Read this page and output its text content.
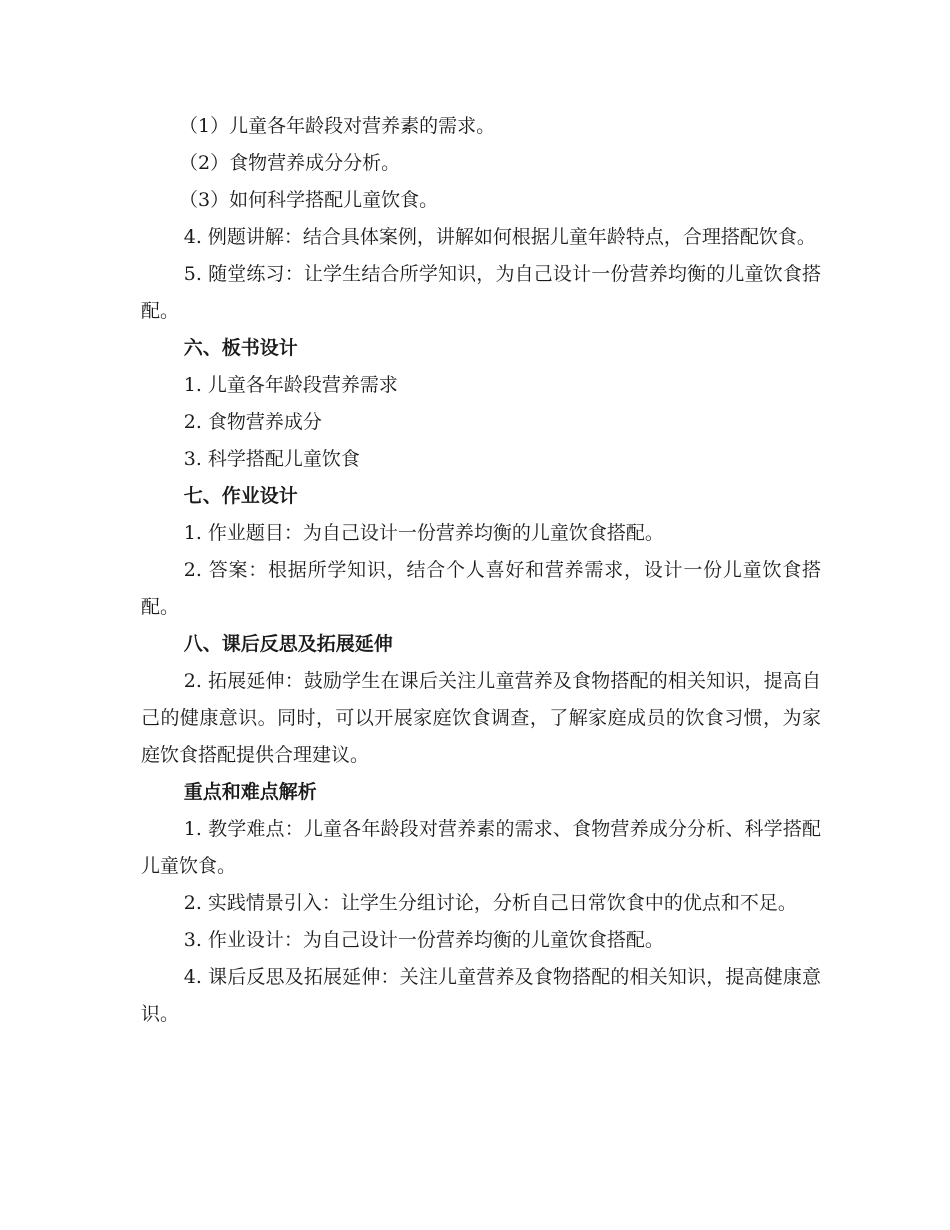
（1）儿童各年龄段对营养素的需求。

（2）食物营养成分分析。

（3）如何科学搭配儿童饮食。

4. 例题讲解：结合具体案例，讲解如何根据儿童年龄特点，合理搭配饮食。

5. 随堂练习：让学生结合所学知识，为自己设计一份营养均衡的儿童饮食搭配。

六、板书设计

1. 儿童各年龄段营养需求

2. 食物营养成分

3. 科学搭配儿童饮食

七、作业设计

1. 作业题目：为自己设计一份营养均衡的儿童饮食搭配。

2. 答案：根据所学知识，结合个人喜好和营养需求，设计一份儿童饮食搭配。

八、课后反思及拓展延伸

2. 拓展延伸：鼓励学生在课后关注儿童营养及食物搭配的相关知识，提高自己的健康意识。同时，可以开展家庭饮食调查，了解家庭成员的饮食习惯，为家庭饮食搭配提供合理建议。

重点和难点解析

1. 教学难点：儿童各年龄段对营养素的需求、食物营养成分分析、科学搭配儿童饮食。

2. 实践情景引入：让学生分组讨论，分析自己日常饮食中的优点和不足。

3. 作业设计：为自己设计一份营养均衡的儿童饮食搭配。

4. 课后反思及拓展延伸：关注儿童营养及食物搭配的相关知识，提高健康意识。
